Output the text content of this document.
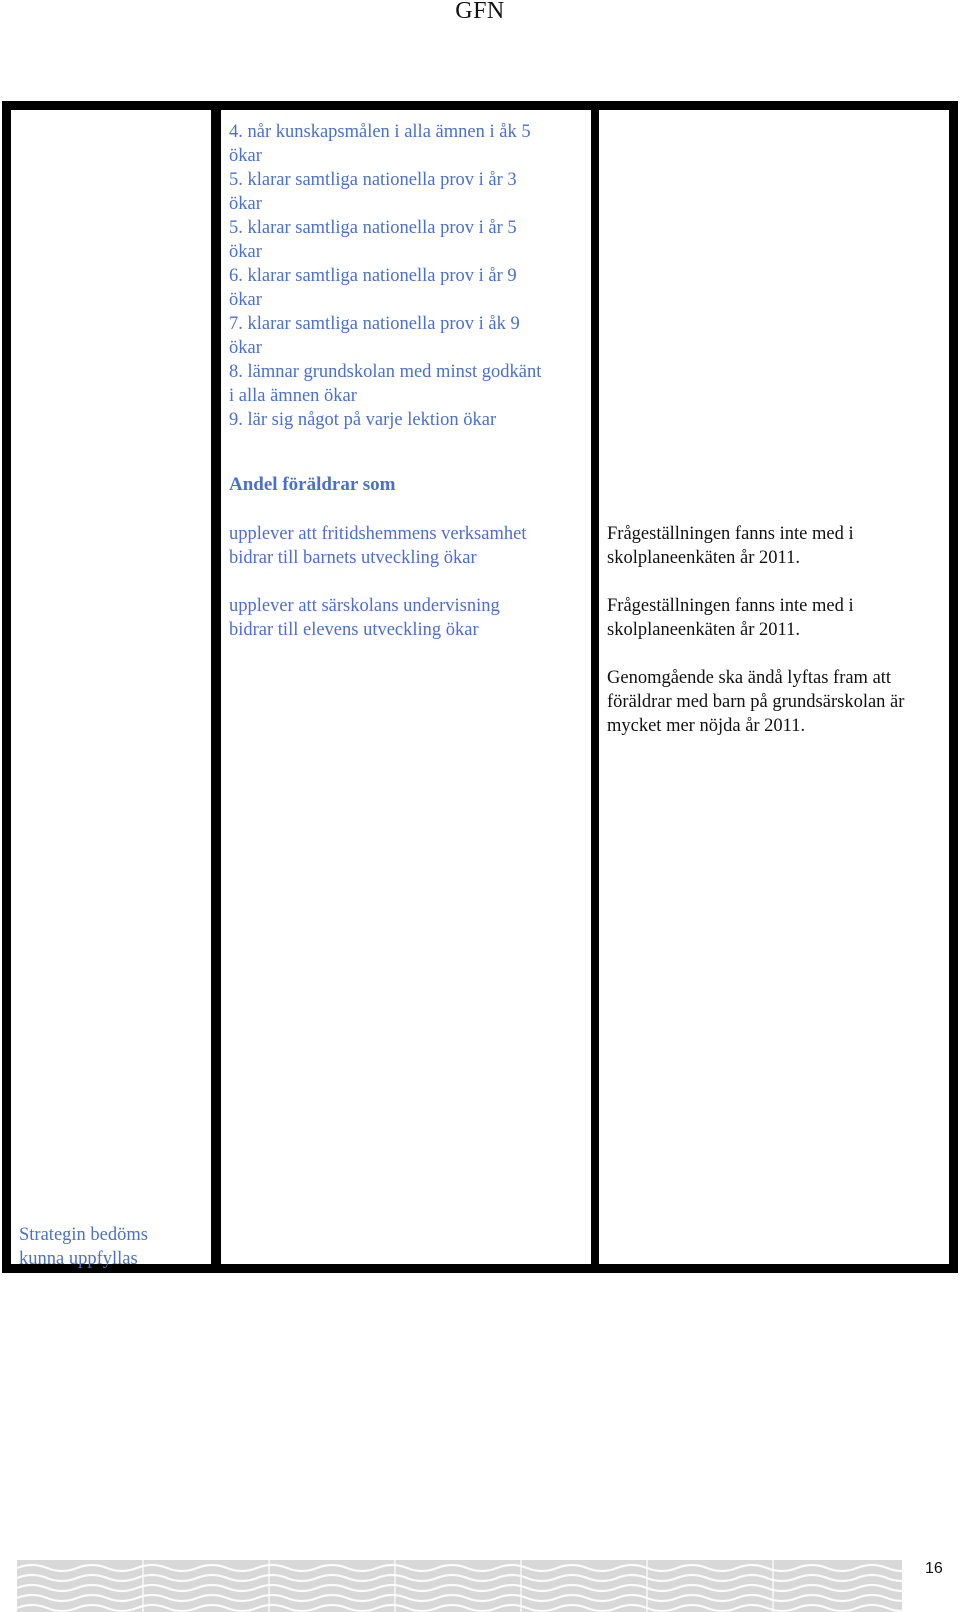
GFN
Strategin bedöms
kunna uppfyllas
4. når kunskapsmålen i alla ämnen i åk 5
ökar
5. klarar samtliga nationella prov i år 3
ökar
5. klarar samtliga nationella prov i år 5
ökar
6. klarar samtliga nationella prov i år 9
ökar
7. klarar samtliga nationella prov i åk 9
ökar
8. lämnar grundskolan med minst godkänt
i alla ämnen ökar
9. lär sig något på varje lektion ökar
Andel föräldrar som
upplever att fritidshemmens verksamhet
bidrar till barnets utveckling ökar
upplever att särskolans undervisning
bidrar till elevens utveckling ökar
Frågeställningen fanns inte med i
skolplaneenkäten år 2011.
Frågeställningen fanns inte med i
skolplaneenkäten år 2011.
Genomgående ska ändå lyftas fram att
föräldrar med barn på grundsärskolan är
mycket mer nöjda år 2011.
16
